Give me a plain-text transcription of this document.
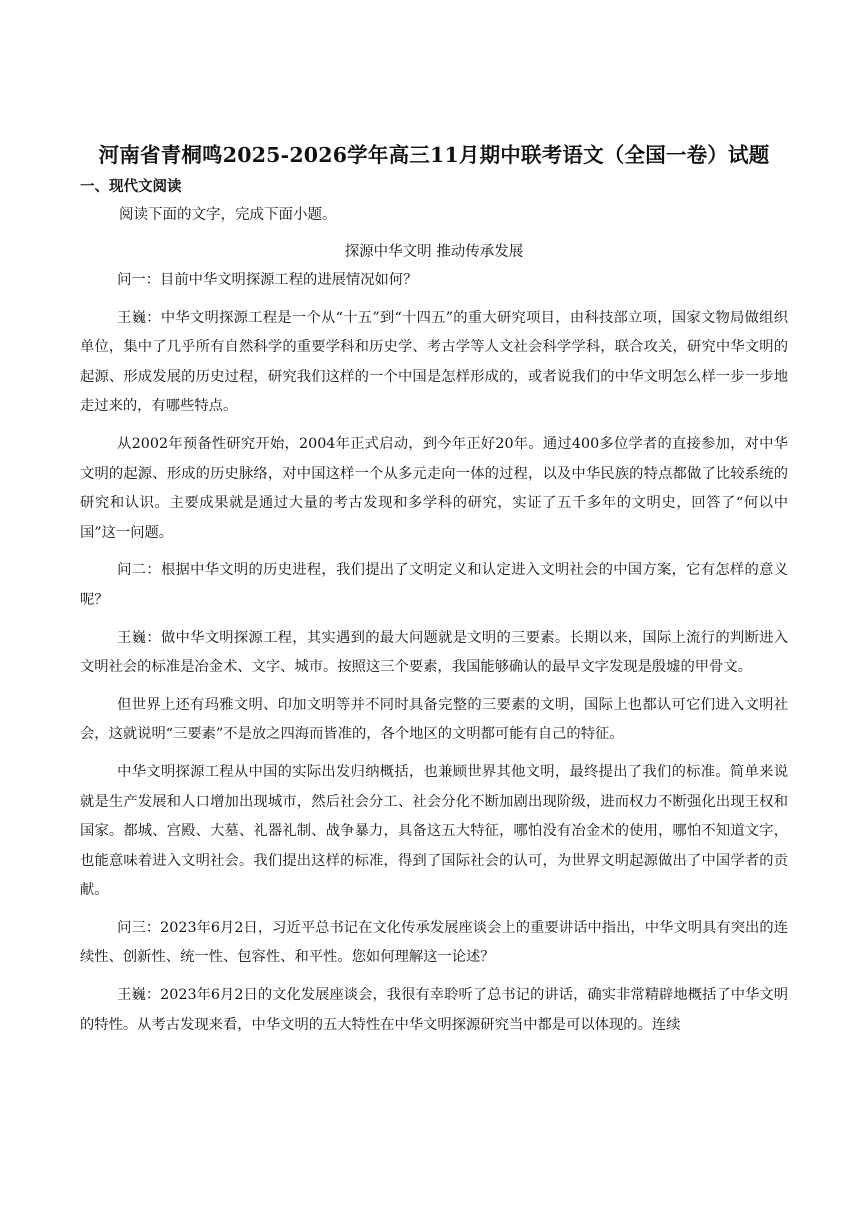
河南省青桐鸣2025-2026学年高三11月期中联考语文（全国一卷）试题
一、现代文阅读
阅读下面的文字，完成下面小题。
探源中华文明 推动传承发展

问一：目前中华文明探源工程的进展情况如何？

王巍：中华文明探源工程是一个从“十五”到“十四五”的重大研究项目，由科技部立项，国家文物局做组织单位，集中了几乎所有自然科学的重要学科和历史学、考古学等人文社会科学学科，联合攻关，研究中华文明的起源、形成发展的历史过程，研究我们这样的一个中国是怎样形成的，或者说我们的中华文明怎么样一步一步地走过来的，有哪些特点。

从2002年预备性研究开始，2004年正式启动，到今年正好20年。通过400多位学者的直接参加，对中华文明的起源、形成的历史脉络，对中国这样一个从多元走向一体的过程，以及中华民族的特点都做了比较系统的研究和认识。主要成果就是通过大量的考古发现和多学科的研究，实证了五千多年的文明史，回答了“何以中国”这一问题。

问二：根据中华文明的历史进程，我们提出了文明定义和认定进入文明社会的中国方案，它有怎样的意义呢？

王巍：做中华文明探源工程，其实遇到的最大问题就是文明的三要素。长期以来，国际上流行的判断进入文明社会的标准是冶金术、文字、城市。按照这三个要素，我国能够确认的最早文字发现是殷墟的甲骨文。

但世界上还有玛雅文明、印加文明等并不同时具备完整的三要素的文明，国际上也都认可它们进入文明社会，这就说明“三要素”不是放之四海而皆准的，各个地区的文明都可能有自己的特征。

中华文明探源工程从中国的实际出发归纳概括，也兼顾世界其他文明，最终提出了我们的标准。简单来说就是生产发展和人口增加出现城市，然后社会分工、社会分化不断加剧出现阶级，进而权力不断强化出现王权和国家。都城、宫殿、大墓、礼器礼制、战争暴力，具备这五大特征，哪怕没有冶金术的使用，哪怕不知道文字，也能意味着进入文明社会。我们提出这样的标准，得到了国际社会的认可，为世界文明起源做出了中国学者的贡献。

问三：2023年6月2日，习近平总书记在文化传承发展座谈会上的重要讲话中指出，中华文明具有突出的连续性、创新性、统一性、包容性、和平性。您如何理解这一论述？

王巍：2023年6月2日的文化发展座谈会，我很有幸聆听了总书记的讲话，确实非常精辟地概括了中华文明的特性。从考古发现来看，中华文明的五大特性在中华文明探源研究当中都是可以体现的。连续
